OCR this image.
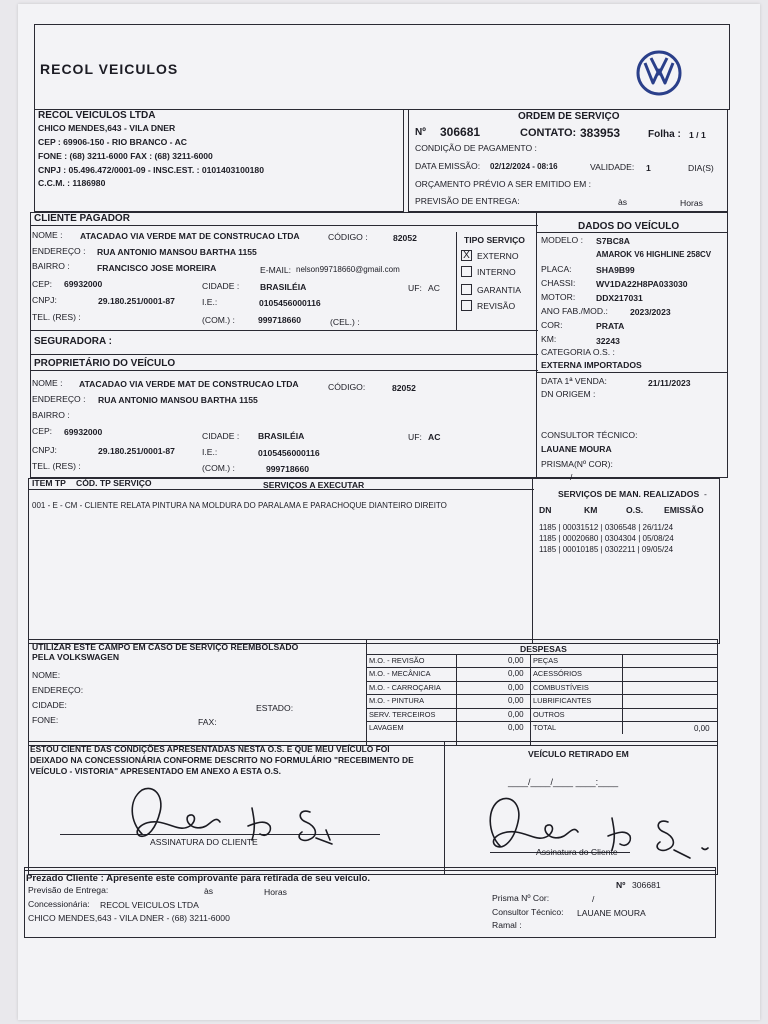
RECOL VEICULOS
RECOL VEICULOS LTDA
CHICO MENDES,643 - VILA DNER
CEP : 69906-150 - RIO BRANCO - AC
FONE : (68) 3211-6000 FAX : (68) 3211-6000
CNPJ : 05.496.472/0001-09 - INSC.EST. : 0101403100180
C.C.M. : 1186980
ORDEM DE SERVIÇO
Nº 306681	CONTATO: 383953	Folha : 1 / 1
CONDIÇÃO DE PAGAMENTO :
DATA EMISSÃO: 02/12/2024 - 08:16	VALIDADE: 1	DIA(S)
ORÇAMENTO PRÉVIO A SER EMITIDO EM :
PREVISÃO DE ENTREGA:	às	Horas
CLIENTE PAGADOR
NOME : ATACADAO VIA VERDE MAT DE CONSTRUCAO LTDA	CÓDIGO :	82052
ENDEREÇO : RUA ANTONIO MANSOU BARTHA 1155
BAIRRO :	FRANCISCO JOSE MOREIRA	E-MAIL: nelson99718660@gmail.com
CEP: 69932000	CIDADE : BRASILÉIA	UF: AC
CNPJ:	29.180.251/0001-87	I.E.:	0105456000116
TEL. (RES) :	(COM.) :	999718660	(CEL.) :
TIPO SERVIÇO
X EXTERNO
INTERNO
GARANTIA
REVISÃO
DADOS DO VEÍCULO
MODELO : S7BC8A
AMAROK V6 HIGHLINE 258CV
PLACA:	SHA9B99
CHASSI: WV1DA22H8PA033030
MOTOR: DDX217031
ANO FAB./MOD.:	2023/2023
COR:	PRATA
KM:	32243
CATEGORIA O.S. :
EXTERNA IMPORTADOS
DATA 1ª VENDA:	21/11/2023
DN ORIGEM :
CONSULTOR TÉCNICO:
LAUANE MOURA
PRISMA(Nº COR):
/
SEGURADORA :
PROPRIETÁRIO DO VEÍCULO
NOME : ATACADAO VIA VERDE MAT DE CONSTRUCAO LTDA	CÓDIGO:	82052
ENDEREÇO : RUA ANTONIO MANSOU BARTHA 1155
BAIRRO :
CEP: 69932000	CIDADE : BRASILÉIA	UF: AC
CNPJ:	29.180.251/0001-87	I.E.:	0105456000116
TEL. (RES) :	(COM.) :	999718660
ITEM TP CÓD. TP SERVIÇO	SERVIÇOS A EXECUTAR
001 - E - CM - CLIENTE RELATA PINTURA NA MOLDURA DO PARALAMA E PARACHOQUE DIANTEIRO DIREITO
SERVIÇOS DE MAN. REALIZADOS -
DN	KM	O.S. EMISSÃO
1185 | 00031512 | 0306548 | 26/11/24
1185 | 00020680 | 0304304 | 05/08/24
1185 | 00010185 | 0302211 | 09/05/24
UTILIZAR ESTE CAMPO EM CASO DE SERVIÇO REEMBOLSADO
PELA VOLKSWAGEN
NOME:
ENDEREÇO:
CIDADE:	ESTADO:
FONE:	FAX:
DESPESAS
M.O. - REVISÃO	0,00 PEÇAS
M.O. - MECÂNICA	0,00 ACESSÓRIOS
M.O. - CARROÇARIA	0,00 COMBUSTÍVEIS
M.O. - PINTURA	0,00 LUBRIFICANTES
SERV. TERCEIROS	0,00 OUTROS
LAVAGEM	0,00 TOTAL	0,00
ESTOU CIENTE DAS CONDIÇÕES APRESENTADAS NESTA O.S. E QUE MEU VEÍCULO FOI
DEIXADO NA CONCESSIONÁRIA CONFORME DESCRITO NO FORMULÁRIO "RECEBIMENTO DE
VEÍCULO - VISTORIA" APRESENTADO EM ANEXO A ESTA O.S.
ASSINATURA DO CLIENTE
VEÍCULO RETIRADO EM
____/____/____ ____:____
Assinatura do Cliente
Prezado Cliente : Apresente este comprovante para retirada de seu veículo.
Nº 306681
Previsão de Entrega:	às	Horas
Concessionária: RECOL VEICULOS LTDA
CHICO MENDES,643 - VILA DNER - (68) 3211-6000
Prisma Nº Cor:	/
Consultor Técnico: LAUANE MOURA
Ramal :
